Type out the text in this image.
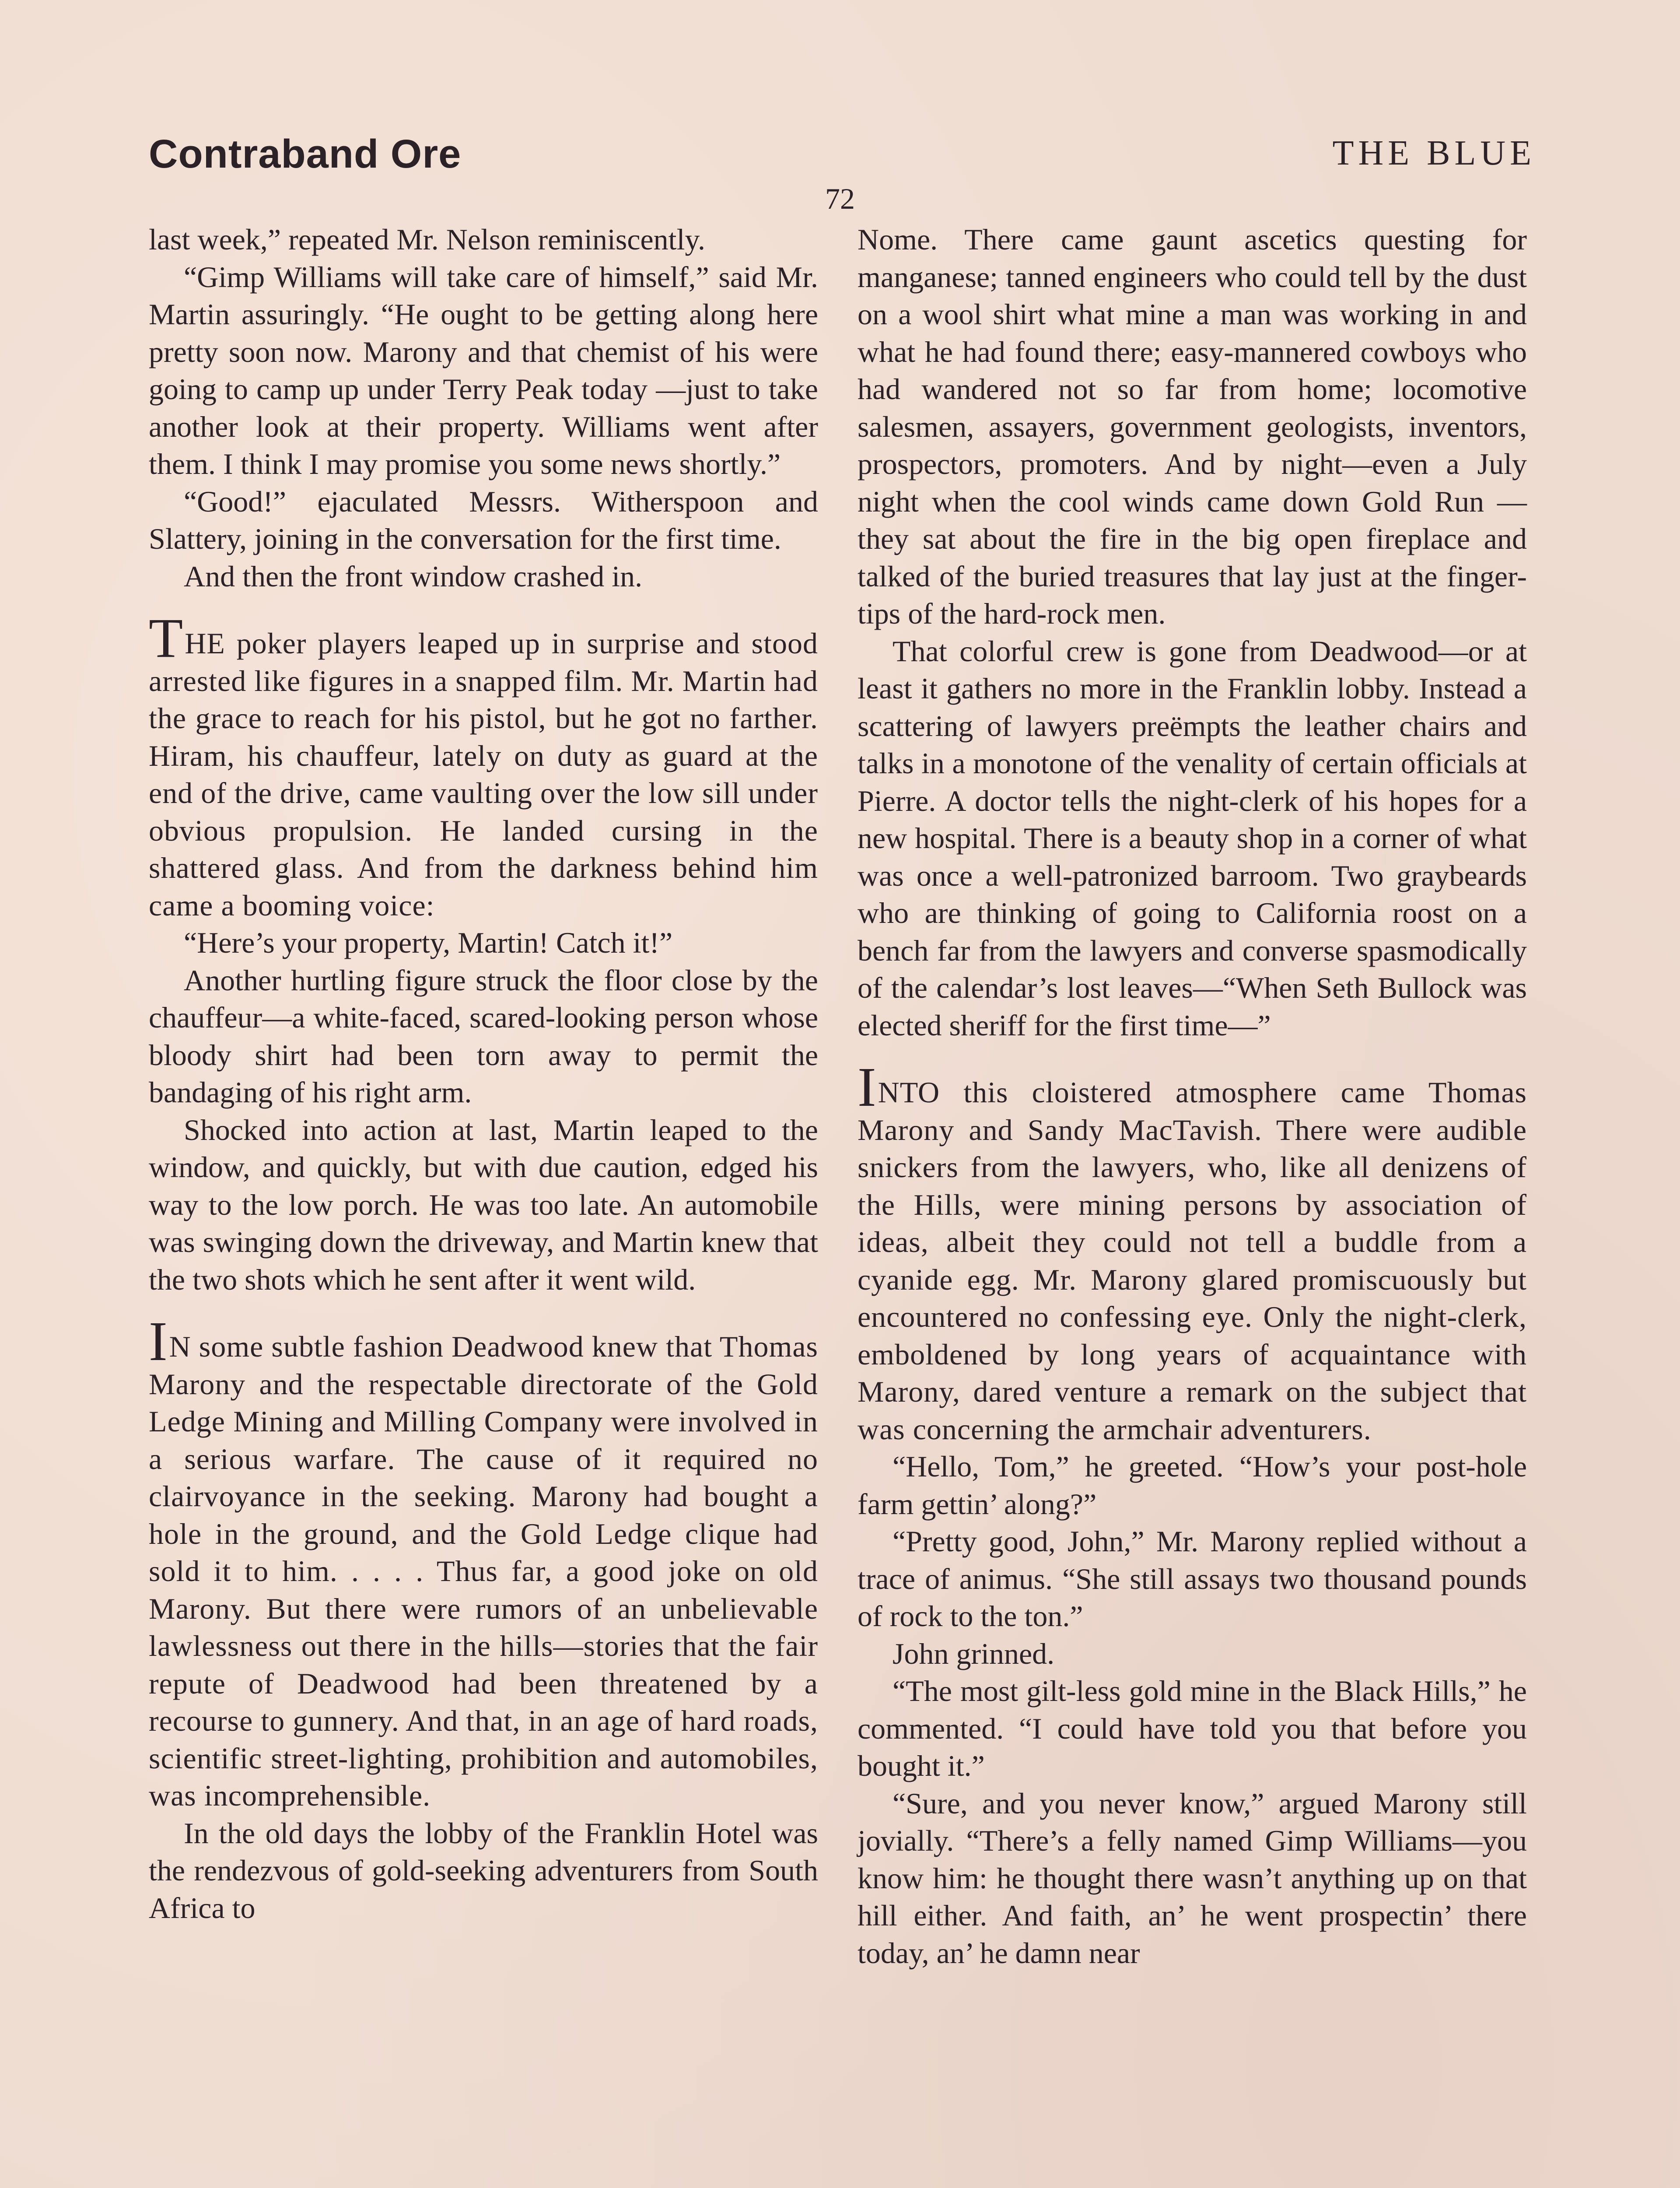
Contraband Ore	THE BLUE
72

last week,” repeated Mr. Nelson reminiscently.

“Gimp Williams will take care of himself,” said Mr. Martin assuringly. “He ought to be getting along here pretty soon now. Marony and that chemist of his were going to camp up under Terry Peak today —just to take another look at their property. Williams went after them. I think I may promise you some news shortly.”

“Good!” ejaculated Messrs. Witherspoon and Slattery, joining in the conversation for the first time.

And then the front window crashed in.

THE poker players leaped up in surprise and stood arrested like figures in a snapped film. Mr. Martin had the grace to reach for his pistol, but he got no farther. Hiram, his chauffeur, lately on duty as guard at the end of the drive, came vaulting over the low sill under obvious propulsion. He landed cursing in the shattered glass. And from the darkness behind him came a booming voice:

“Here’s your property, Martin! Catch it!”

Another hurtling figure struck the floor close by the chauffeur—a white-faced, scared-looking person whose bloody shirt had been torn away to permit the bandaging of his right arm.

Shocked into action at last, Martin leaped to the window, and quickly, but with due caution, edged his way to the low porch. He was too late. An automobile was swinging down the driveway, and Martin knew that the two shots which he sent after it went wild.

IN some subtle fashion Deadwood knew that Thomas Marony and the respectable directorate of the Gold Ledge Mining and Milling Company were involved in a serious warfare. The cause of it required no clairvoyance in the seeking. Marony had bought a hole in the ground, and the Gold Ledge clique had sold it to him. . . . . Thus far, a good joke on old Marony. But there were rumors of an unbelievable lawlessness out there in the hills—stories that the fair repute of Deadwood had been threatened by a recourse to gunnery. And that, in an age of hard roads, scientific street-lighting, prohibition and automobiles, was incomprehensible.

In the old days the lobby of the Franklin Hotel was the rendezvous of gold-seeking adventurers from South Africa to

Nome. There came gaunt ascetics questing for manganese; tanned engineers who could tell by the dust on a wool shirt what mine a man was working in and what he had found there; easy-mannered cowboys who had wandered not so far from home; locomotive salesmen, assayers, government geologists, inventors, prospectors, promoters. And by night—even a July night when the cool winds came down Gold Run —they sat about the fire in the big open fireplace and talked of the buried treasures that lay just at the finger-tips of the hard-rock men.

That colorful crew is gone from Deadwood—or at least it gathers no more in the Franklin lobby. Instead a scattering of lawyers preëmpts the leather chairs and talks in a monotone of the venality of certain officials at Pierre. A doctor tells the night-clerk of his hopes for a new hospital. There is a beauty shop in a corner of what was once a well-patronized barroom. Two graybeards who are thinking of going to California roost on a bench far from the lawyers and converse spasmodically of the calendar’s lost leaves—“When Seth Bullock was elected sheriff for the first time—”

INTO this cloistered atmosphere came Thomas Marony and Sandy MacTavish. There were audible snickers from the lawyers, who, like all denizens of the Hills, were mining persons by association of ideas, albeit they could not tell a buddle from a cyanide egg. Mr. Marony glared promiscuously but encountered no confessing eye. Only the night-clerk, emboldened by long years of acquaintance with Marony, dared venture a remark on the subject that was concerning the armchair adventurers.

“Hello, Tom,” he greeted. “How’s your post-hole farm gettin’ along?”

“Pretty good, John,” Mr. Marony replied without a trace of animus. “She still assays two thousand pounds of rock to the ton.”

John grinned.

“The most gilt-less gold mine in the Black Hills,” he commented. “I could have told you that before you bought it.”

“Sure, and you never know,” argued Marony still jovially. “There’s a felly named Gimp Williams—you know him: he thought there wasn’t anything up on that hill either. And faith, an’ he went prospectin’ there today, an’ he damn near
